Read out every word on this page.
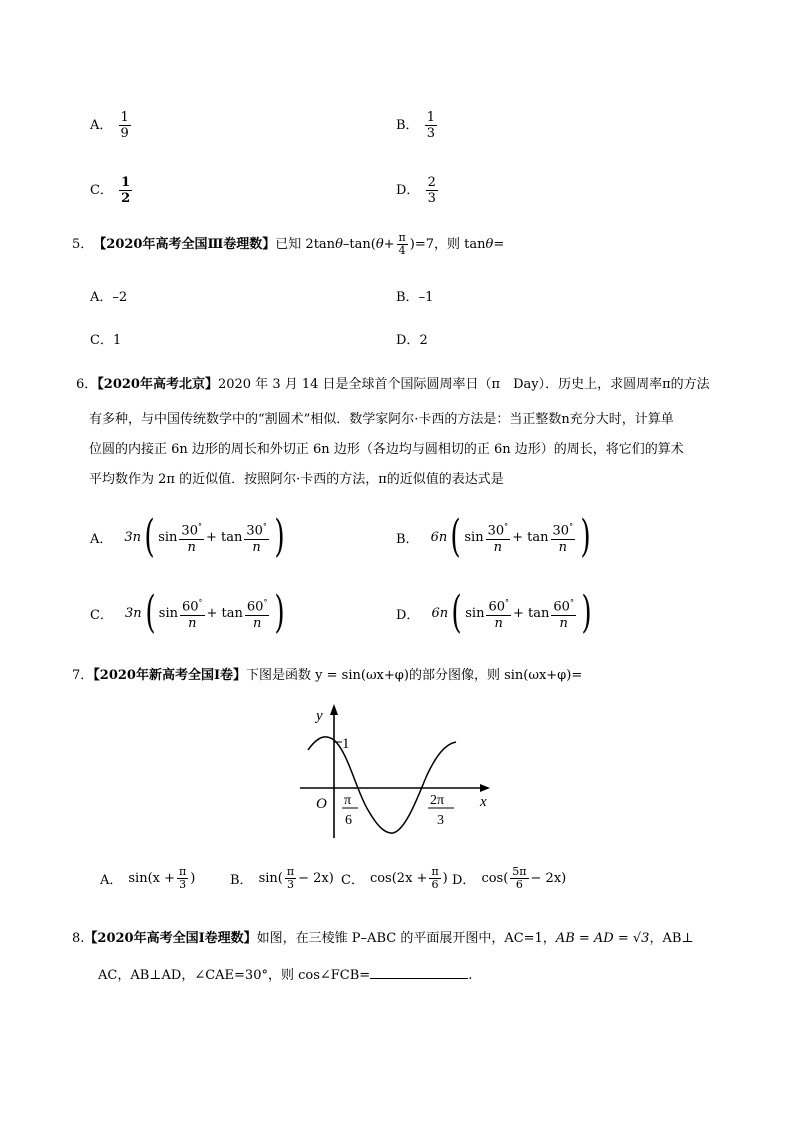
A． $\frac{1}{9}$	B． $\frac{1}{3}$
C． $\frac{1}{2}$	D． $\frac{2}{3}$
5． 【2020年高考全国Ⅲ卷理数】 已知 2tan θ –tan( $\theta + \frac{\pi}{4} )=7$，则 tan θ =
A．–2	B．–1
C．1	D．2
6．【2020年高考北京】2020 年 3 月 14 日是全球首个国际圆周率日（π　Day）．历史上，求圆周率π的方法
有多种，与中国传统数学中的“割圆术”相似．数学家阿尔·卡西的方法是：当正整数n充分大时，计算单
位圆的内接正 6n 边形的周长和外切正 6n 边形（各边均与圆相切的正 6n 边形）的周长，将它们的算术
平均数作为 2π 的近似值．按照阿尔·卡西的方法，π的近似值的表达式是
A． 3n ( $\sin \frac{30^\circ}{n} + \tan \frac{30^\circ}{n}$ )	B． 6n ( $\sin \frac{30^\circ}{n} + \tan \frac{30^\circ}{n}$ )
C． 3n ( $\sin \frac{60^\circ}{n} + \tan \frac{60^\circ}{n}$ )	D． 6n ( $\sin \frac{60^\circ}{n} + \tan \frac{60^\circ}{n}$ )
7．【2020年新高考全国Ⅰ卷】下图是函数 y = sin(ωx+φ)的部分图像，则 sin(ωx+φ)=
y
1
x
O π
6
2π
3
A． $\sin(x + \frac{\pi}{3}$ )	B． $\sin( \frac{\pi}{3} - 2x)$ C． $\cos(2x + \frac{\pi}{6}$ ) D． $\cos( \frac{5\pi}{6} - 2x)$
8.【2020年高考全国Ⅰ卷理数】如图，在三棱锥 P–ABC 的平面展开图中，AC=1，AB = AD = √3，AB⊥
AC，AB⊥AD，∠CAE=30°，则 cos∠FCB=	.
